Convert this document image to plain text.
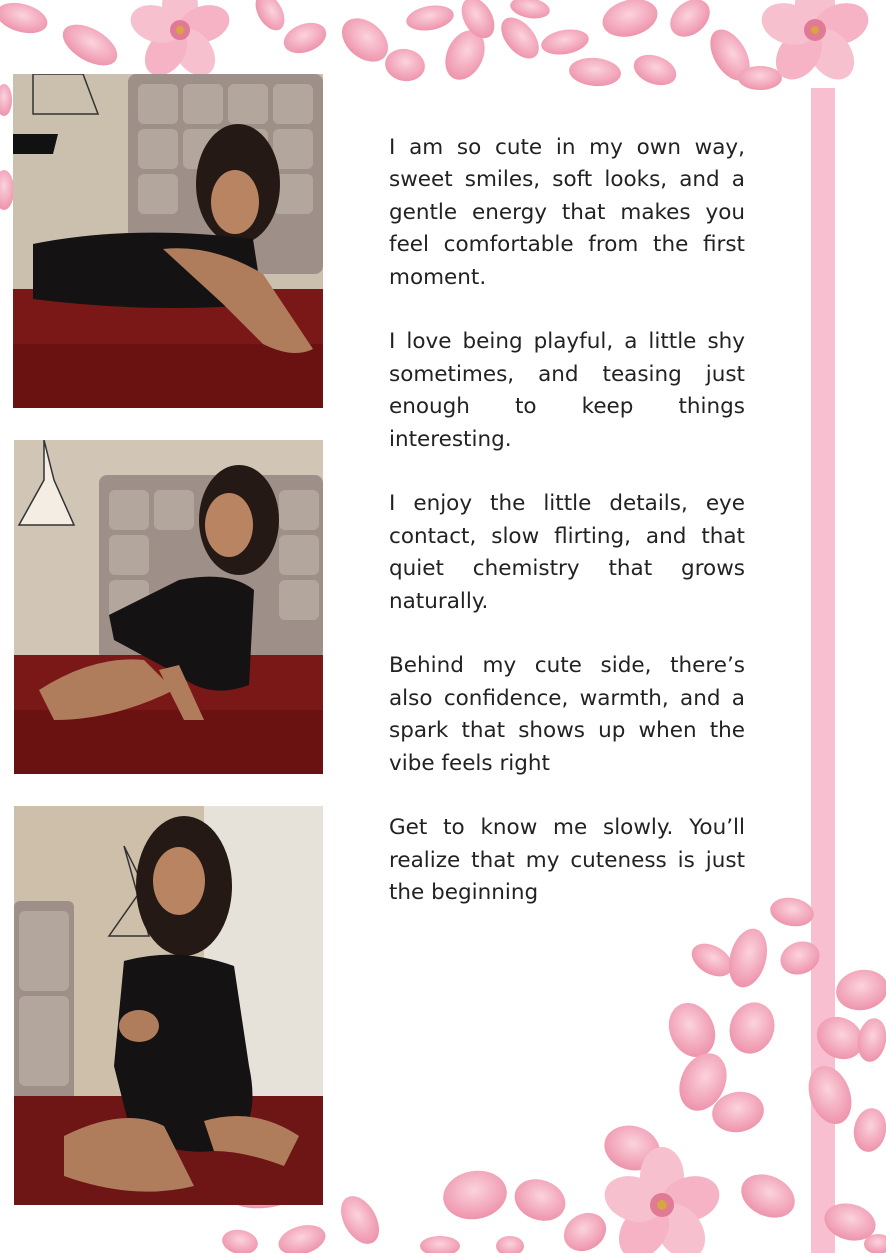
I am so cute in my own way, sweet smiles, soft looks, and a gentle energy that makes you feel comfortable from the first moment.

I love being playful, a little shy sometimes, and teasing just enough to keep things interesting.

I enjoy the little details, eye contact, slow flirting, and that quiet chemistry that grows naturally.

Behind my cute side, there’s also confidence, warmth, and a spark that shows up when the vibe feels right

Get to know me slowly. You’ll realize that my cuteness is just the beginning
